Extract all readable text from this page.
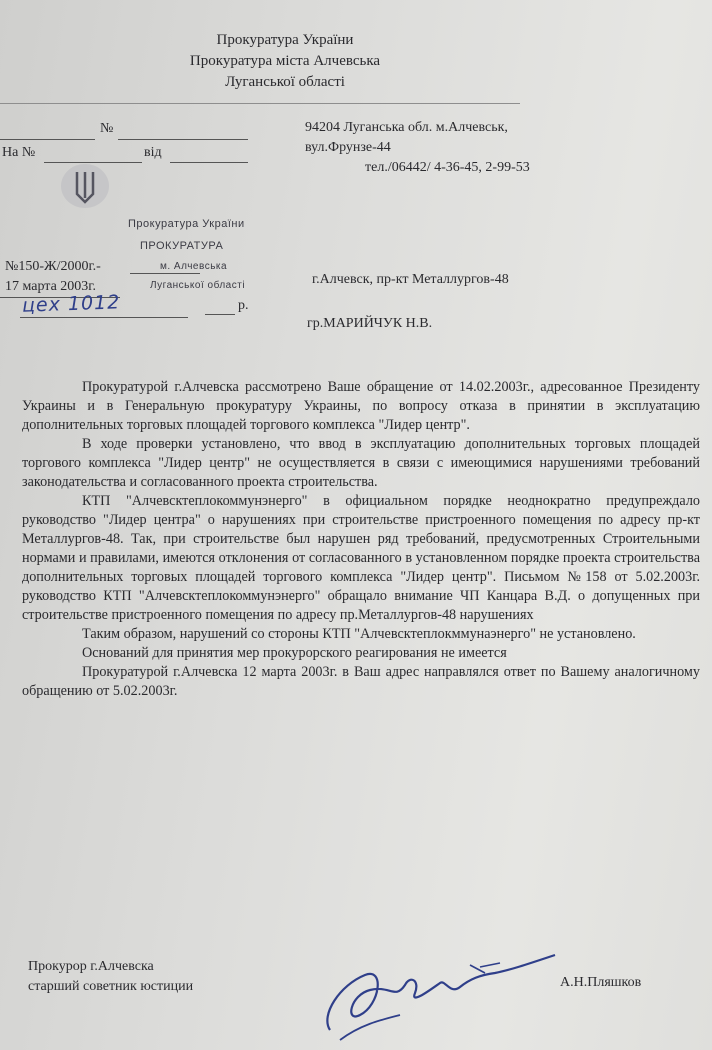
Прокуратура України
Прокуратура міста Алчевська
Луганської області
№
На №	від
94204 Луганська обл. м.Алчевськ,
вул.Фрунзе-44
тел./06442/ 4-36-45, 2-99-53
Прокуратура України
ПРОКУРАТУРА
м. Алчевська
Луганської області
№150-Ж/2000г.-
17 марта 2003г.
цех 1012	р.
г.Алчевск, пр-кт Металлургов-48
гр.МАРИЙЧУК Н.В.

Прокуратурой г.Алчевска рассмотрено Ваше обращение от 14.02.2003г., адресованное Президенту Украины и в Генеральную прокуратуру Украины, по вопросу отказа в принятии в эксплуатацию дополнительных торговых площадей торгового комплекса "Лидер центр".

В ходе проверки установлено, что ввод в эксплуатацию дополнительных торговых площадей торгового комплекса "Лидер центр" не осуществляется в связи с имеющимися нарушениями требований законодательства и согласованного проекта строительства.

КТП "Алчевсктеплокоммунэнерго" в официальном порядке неоднократно предупреждало руководство "Лидер центра" о нарушениях при строительстве пристроенного помещения по адресу пр-кт Металлургов-48. Так, при строительстве был нарушен ряд требований, предусмотренных Строительными нормами и правилами, имеются отклонения от согласованного в установленном порядке проекта строительства дополнительных торговых площадей торгового комплекса "Лидер центр". Письмом №158 от 5.02.2003г. руководство КТП "Алчевсктеплокоммунэнерго" обращало внимание ЧП Канцара В.Д. о допущенных при строительстве пристроенного помещения по адресу пр.Металлургов-48 нарушениях

Таким образом, нарушений со стороны КТП "Алчевсктеплокммунаэнерго" не установлено.

Оснований для принятия мер прокурорского реагирования не имеется

Прокуратурой г.Алчевска 12 марта 2003г. в Ваш адрес направлялся ответ по Вашему аналогичному обращению от 5.02.2003г.

Прокурор г.Алчевска
старший советник юстиции	А.Н.Пляшков
